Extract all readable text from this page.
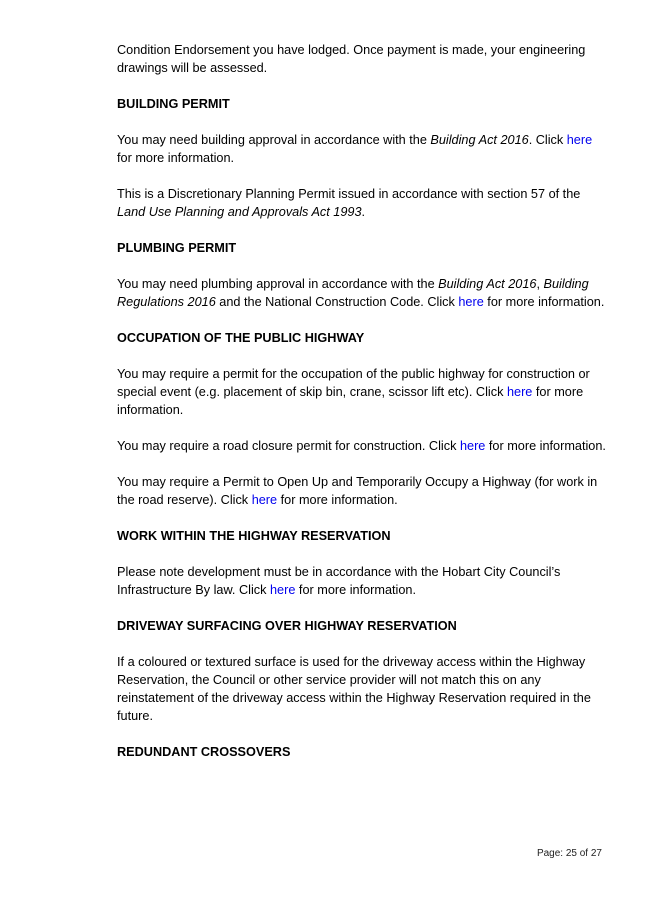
Condition Endorsement you have lodged. Once payment is made, your engineering drawings will be assessed.

BUILDING PERMIT

You may need building approval in accordance with the Building Act 2016. Click here for more information.

This is a Discretionary Planning Permit issued in accordance with section 57 of the Land Use Planning and Approvals Act 1993.

PLUMBING PERMIT

You may need plumbing approval in accordance with the Building Act 2016, Building Regulations 2016 and the National Construction Code. Click here for more information.

OCCUPATION OF THE PUBLIC HIGHWAY

You may require a permit for the occupation of the public highway for construction or special event (e.g. placement of skip bin, crane, scissor lift etc). Click here for more information.

You may require a road closure permit for construction. Click here for more information.

You may require a Permit to Open Up and Temporarily Occupy a Highway (for work in the road reserve). Click here for more information.

WORK WITHIN THE HIGHWAY RESERVATION

Please note development must be in accordance with the Hobart City Council’s Infrastructure By law. Click here for more information.

DRIVEWAY SURFACING OVER HIGHWAY RESERVATION

If a coloured or textured surface is used for the driveway access within the Highway Reservation, the Council or other service provider will not match this on any reinstatement of the driveway access within the Highway Reservation required in the future.

REDUNDANT CROSSOVERS
Page: 25 of 27
